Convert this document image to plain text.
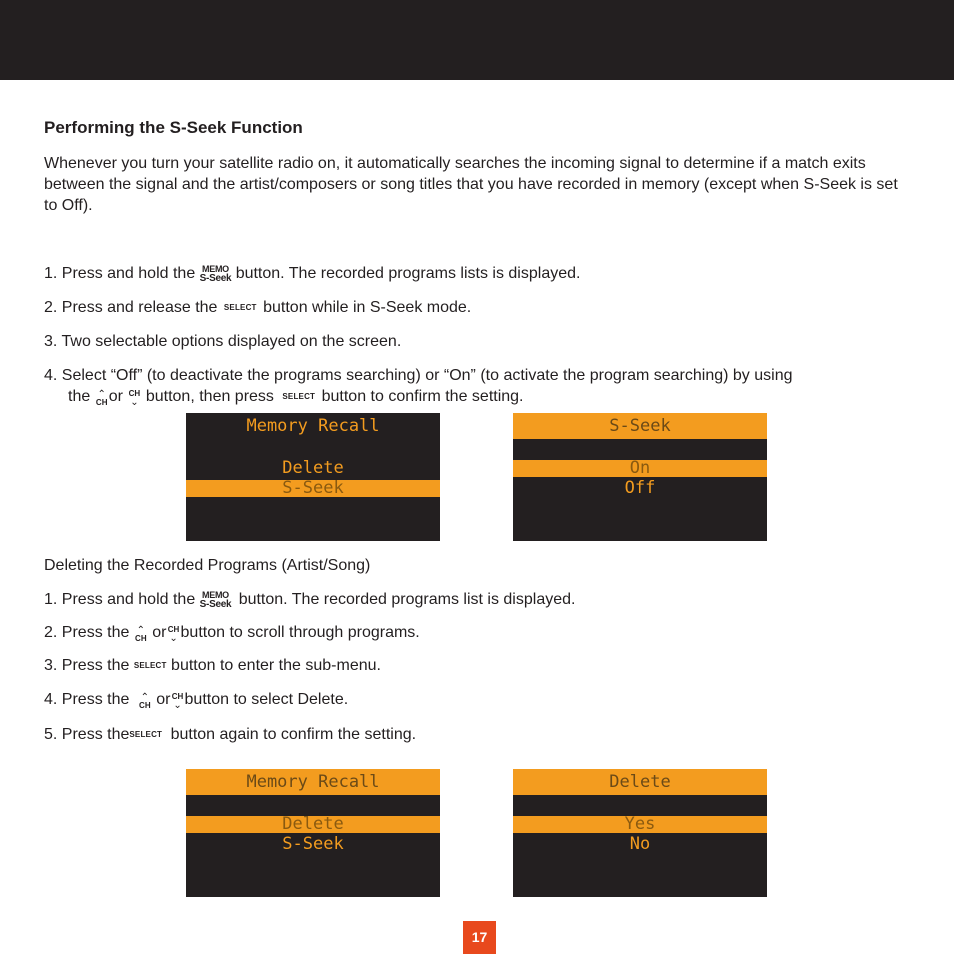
Performing the S-Seek Function
Whenever you turn your satellite radio on, it automatically searches the incoming signal to determine if a match exits between the signal and the artist/composers or song titles that you have recorded in memory (except when S-Seek is set to Off).
1. Press and hold the MEMO
S-Seek button. The recorded programs lists is displayed.
2. Press and release the SELECT button while in S-Seek mode.
3. Two selectable options displayed on the screen.
4. Select “Off” (to deactivate the programs searching) or “On” (to activate the program searching) by using
the ⌃
CH or CH
⌄ button, then press SELECT button to confirm the setting.
Memory Recall
Delete
S-Seek
S-Seek
On
Off
Deleting the Recorded Programs (Artist/Song)
1. Press and hold the MEMO
S-Seek button. The recorded programs list is displayed.
2. Press the ⌃
CH or CH
⌄ button to scroll through programs.
3. Press the SELECT button to enter the sub-menu.
4. Press the ⌃
CH or CH
⌄ button to select Delete.
5. Press theSELECT button again to confirm the setting.
Memory Recall
Delete
S-Seek
Delete
Yes
No
17
